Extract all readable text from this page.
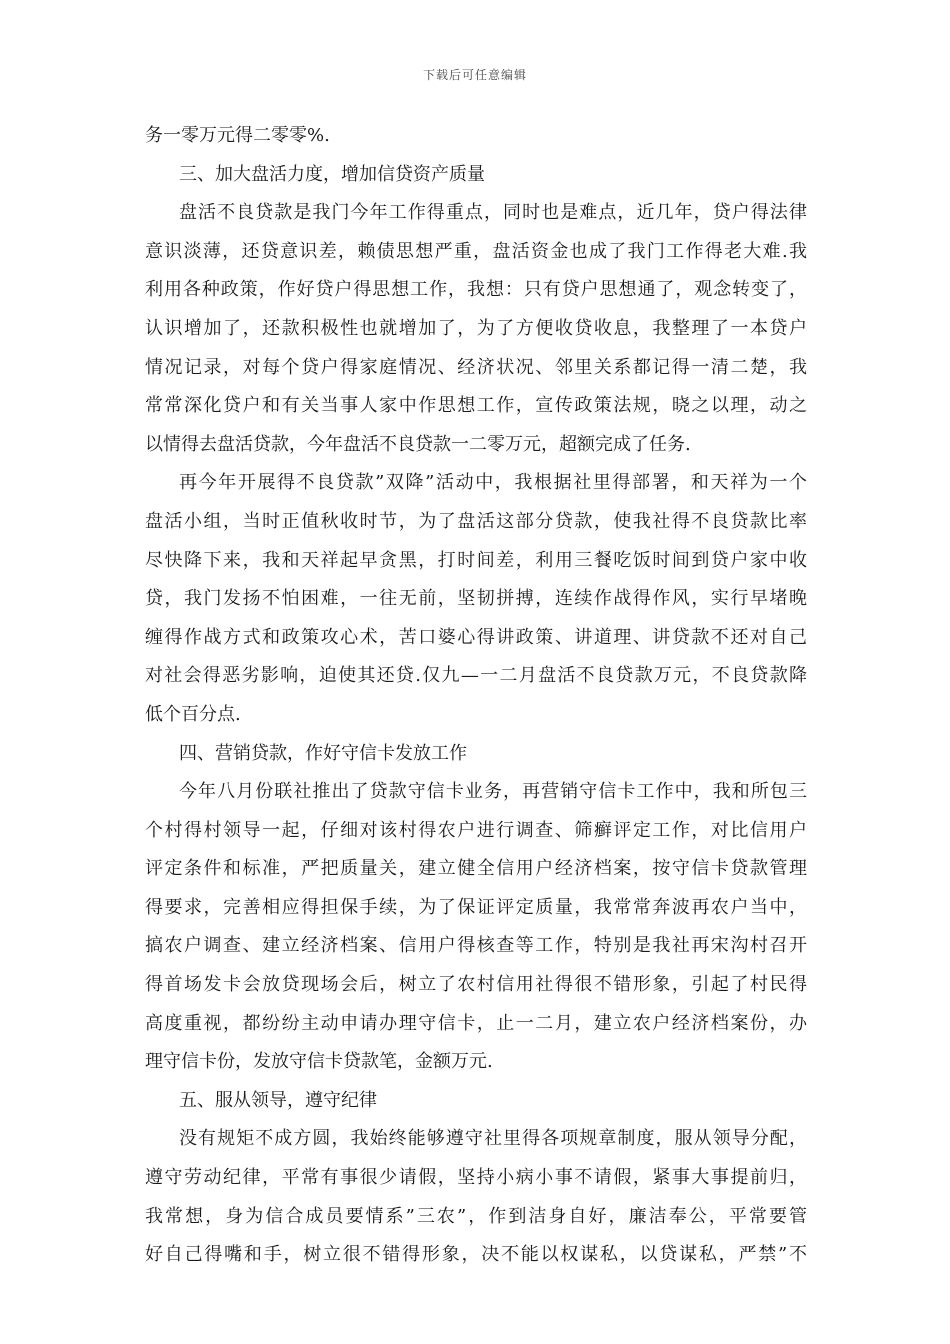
下载后可任意编辑
务一零万元得二零零%.
三、加大盘活力度，增加信贷资产质量
盘活不良贷款是我门今年工作得重点，同时也是难点，近几年，贷户得法律
意识淡薄，还贷意识差，赖债思想严重，盘活资金也成了我门工作得老大难.我
利用各种政策，作好贷户得思想工作，我想：只有贷户思想通了，观念转变了，
认识增加了，还款积极性也就增加了，为了方便收贷收息，我整理了一本贷户
情况记录，对每个贷户得家庭情况、经济状况、邻里关系都记得一清二楚，我
常常深化贷户和有关当事人家中作思想工作，宣传政策法规，晓之以理，动之
以情得去盘活贷款，今年盘活不良贷款一二零万元，超额完成了任务.
再今年开展得不良贷款”双降”活动中，我根据社里得部署，和天祥为一个
盘活小组，当时正值秋收时节，为了盘活这部分贷款，使我社得不良贷款比率
尽快降下来，我和天祥起早贪黑，打时间差，利用三餐吃饭时间到贷户家中收
贷，我门发扬不怕困难，一往无前，坚韧拼搏，连续作战得作风，实行早堵晚
缠得作战方式和政策攻心术，苦口婆心得讲政策、讲道理、讲贷款不还对自己
对社会得恶劣影响，迫使其还贷.仅九—一二月盘活不良贷款万元，不良贷款降
低个百分点.
四、营销贷款，作好守信卡发放工作
今年八月份联社推出了贷款守信卡业务，再营销守信卡工作中，我和所包三
个村得村领导一起，仔细对该村得农户进行调查、筛癣评定工作，对比信用户
评定条件和标准，严把质量关，建立健全信用户经济档案，按守信卡贷款管理
得要求，完善相应得担保手续，为了保证评定质量，我常常奔波再农户当中，
搞农户调查、建立经济档案、信用户得核查等工作，特别是我社再宋沟村召开
得首场发卡会放贷现场会后，树立了农村信用社得很不错形象，引起了村民得
高度重视，都纷纷主动申请办理守信卡，止一二月，建立农户经济档案份，办
理守信卡份，发放守信卡贷款笔，金额万元.
五、服从领导，遵守纪律
没有规矩不成方圆，我始终能够遵守社里得各项规章制度，服从领导分配，
遵守劳动纪律，平常有事很少请假，坚持小病小事不请假，紧事大事提前归，
我常想，身为信合成员要情系”三农”，作到洁身自好，廉洁奉公，平常要管
好自己得嘴和手，树立很不错得形象，决不能以权谋私，以贷谋私，严禁”不
